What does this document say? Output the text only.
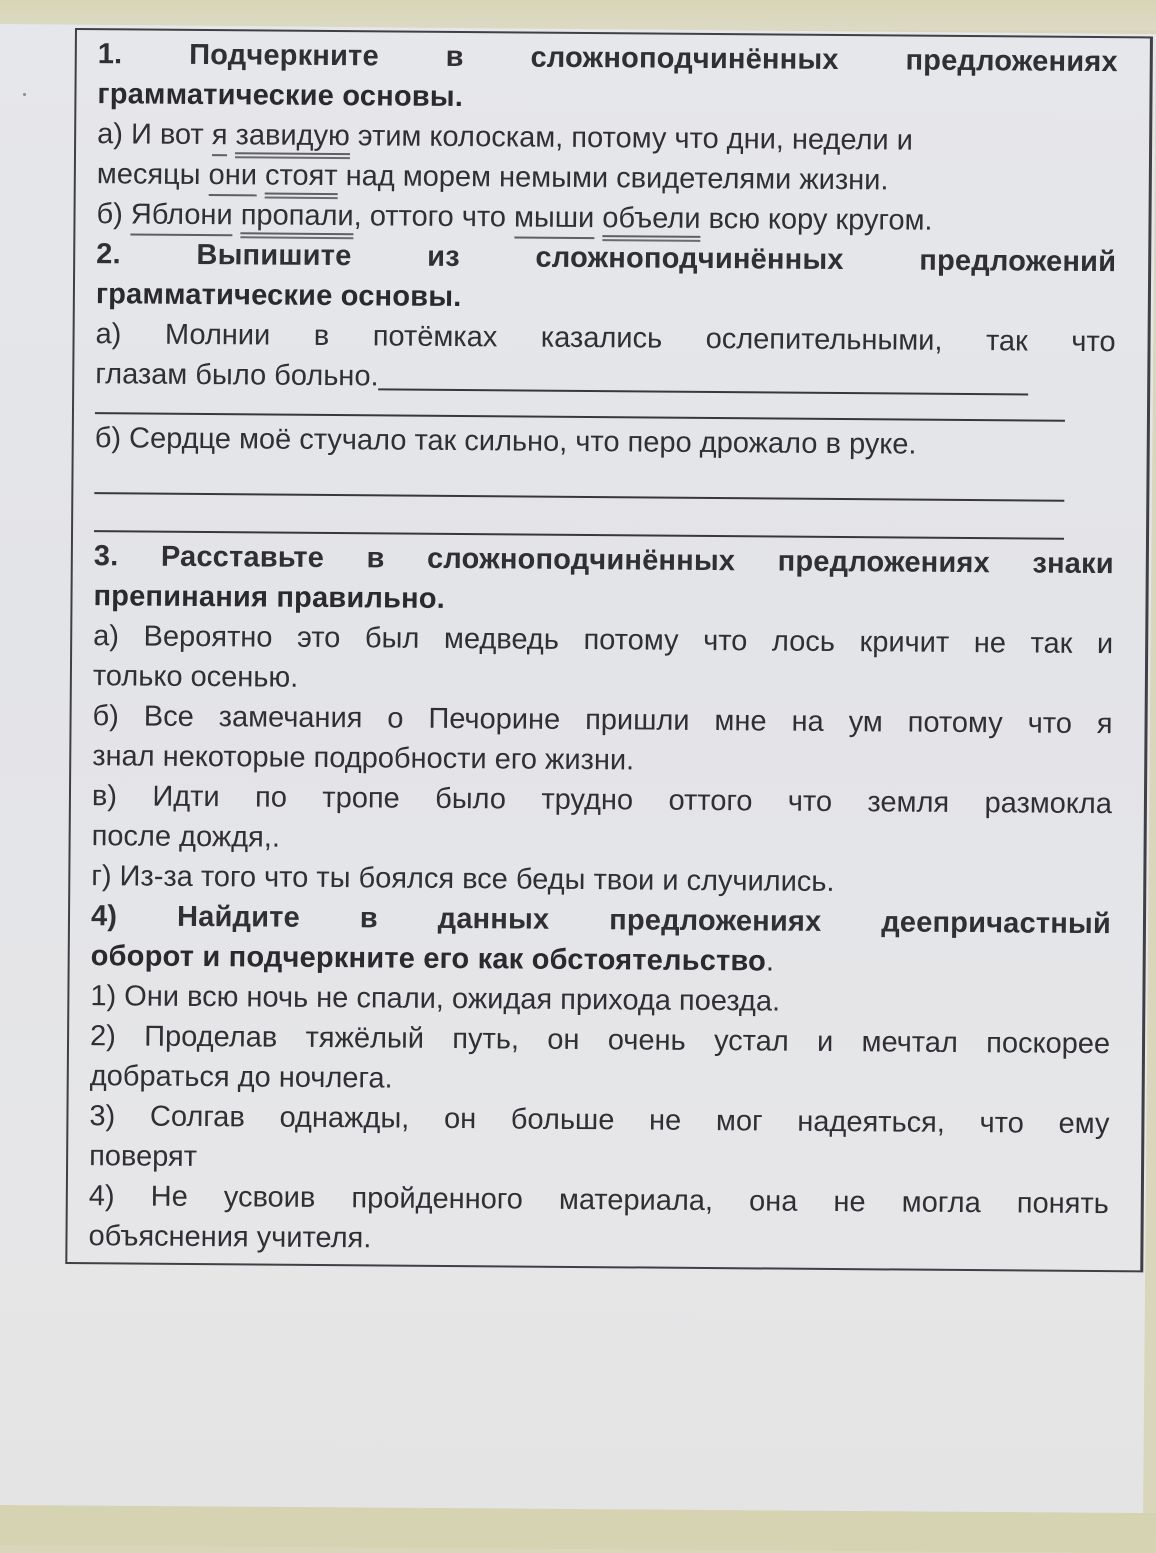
1. Подчеркните в сложноподчинённых предложениях
грамматические основы.
а) И вот я завидую этим колоскам, потому что дни, недели и
месяцы они стоят над морем немыми свидетелями жизни.
б) Яблони пропали, оттого что мыши объели всю кору кругом.
2. Выпишите из сложноподчинённых предложений
грамматические основы.
а) Молнии в потёмках казались ослепительными, так что
глазам было больно.
б) Сердце моё стучало так сильно, что перо дрожало в руке.
3. Расставьте в сложноподчинённых предложениях знаки
препинания правильно.
а) Вероятно это был медведь потому что лось кричит не так и
только осенью.
б) Все замечания о Печорине пришли мне на ум потому что я
знал некоторые подробности его жизни.
в) Идти по тропе было трудно оттого что земля размокла
после дождя,.
г) Из-за того что ты боялся все беды твои и случились.
4) Найдите в данных предложениях деепричастный
оборот и подчеркните его как обстоятельство.
1) Они всю ночь не спали, ожидая прихода поезда.
2) Проделав тяжёлый путь, он очень устал и мечтал поскорее
добраться до ночлега.
3) Солгав однажды, он больше не мог надеяться, что ему
поверят
4) Не усвоив пройденного материала, она не могла понять
объяснения учителя.
